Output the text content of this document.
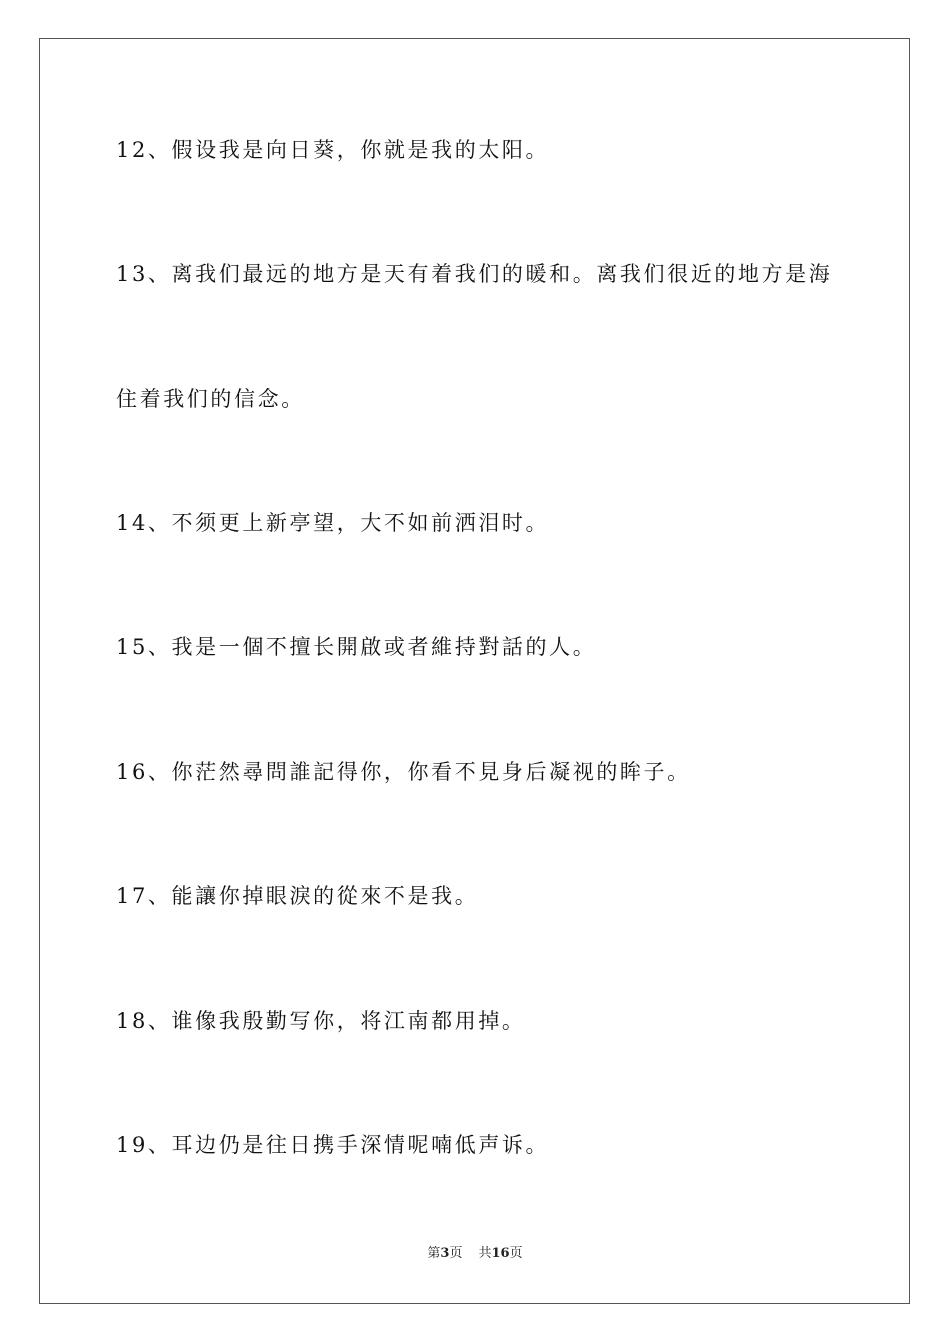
12、假设我是向日葵，你就是我的太阳。
13、离我们最远的地方是天有着我们的暖和。离我们很近的地方是海
住着我们的信念。
14、不须更上新亭望，大不如前洒泪时。
15、我是一個不擅长開啟或者維持對話的人。
16、你茫然尋問誰記得你，你看不見身后凝视的眸子。
17、能讓你掉眼淚的從來不是我。
18、谁像我殷勤写你，将江南都用掉。
19、耳边仍是往日携手深情呢喃低声诉。
第3页 共16页
